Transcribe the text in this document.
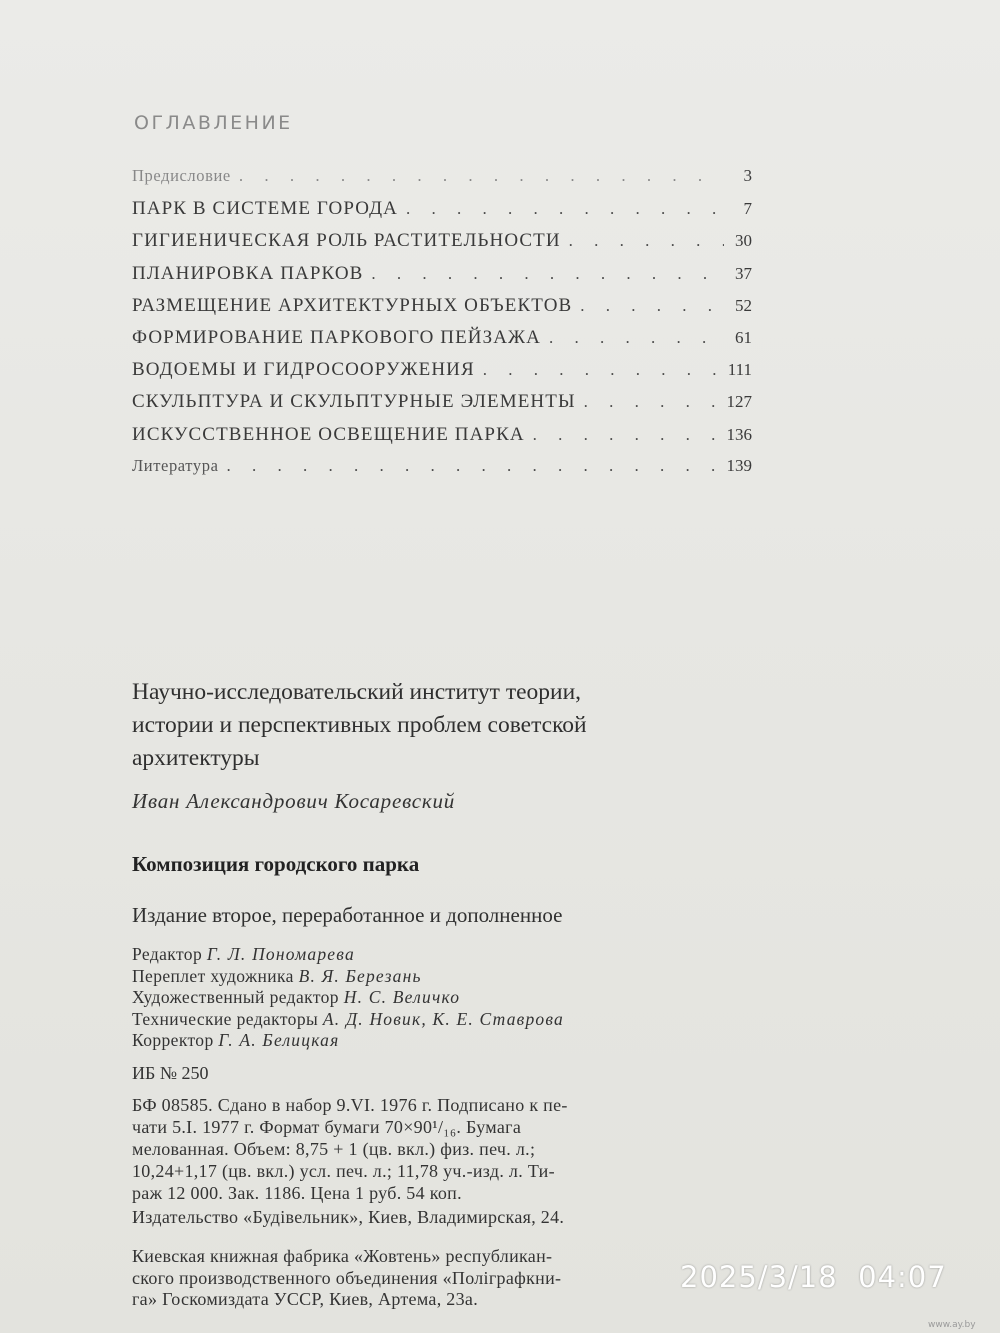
ОГЛАВЛЕНИЕ
Предисловие . . .	3
ПАРК В СИСТЕМЕ ГОРОДА . . .	7
ГИГИЕНИЧЕСКАЯ РОЛЬ РАСТИТЕЛЬНОСТИ . . .	30
ПЛАНИРОВКА ПАРКОВ . . .	37
РАЗМЕЩЕНИЕ АРХИТЕКТУРНЫХ ОБЪЕКТОВ . . .	52
ФОРМИРОВАНИЕ ПАРКОВОГО ПЕЙЗАЖА . . .	61
ВОДОЕМЫ И ГИДРОСООРУЖЕНИЯ . . .	111
СКУЛЬПТУРА И СКУЛЬПТУРНЫЕ ЭЛЕМЕНТЫ . . .	127
ИСКУССТВЕННОЕ ОСВЕЩЕНИЕ ПАРКА . . .	136
Литература . . .	139
Научно-исследовательский институт теории,
истории и перспективных проблем советской
архитектуры
Иван Александрович Косаревский
Композиция городского парка
Издание второе, переработанное и дополненное
Редактор Г. Л. Пономарева
Переплет художника В. Я. Березань
Художественный редактор Н. С. Величко
Технические редакторы А. Д. Новик, К. Е. Ставрова
Корректор Г. А. Белицкая
ИБ № 250
БФ 08585. Сдано в набор 9.VI. 1976 г. Подписано к пе-
чати 5.I. 1977 г. Формат бумаги 70×90¹/₁₆. Бумага
мелованная. Объем: 8,75 + 1 (цв. вкл.) физ. печ. л.;
10,24+1,17 (цв. вкл.) усл. печ. л.; 11,78 уч.-изд. л. Ти-
раж 12 000. Зак. 1186. Цена 1 руб. 54 коп.
Издательство «Будівельник», Киев, Владимирская, 24.
Киевская книжная фабрика «Жовтень» республикан-
ского производственного объединения «Поліграфкни-
га» Госкомиздата УССР, Киев, Артема, 23а.
2025/3/18  04:07
www.ay.by
